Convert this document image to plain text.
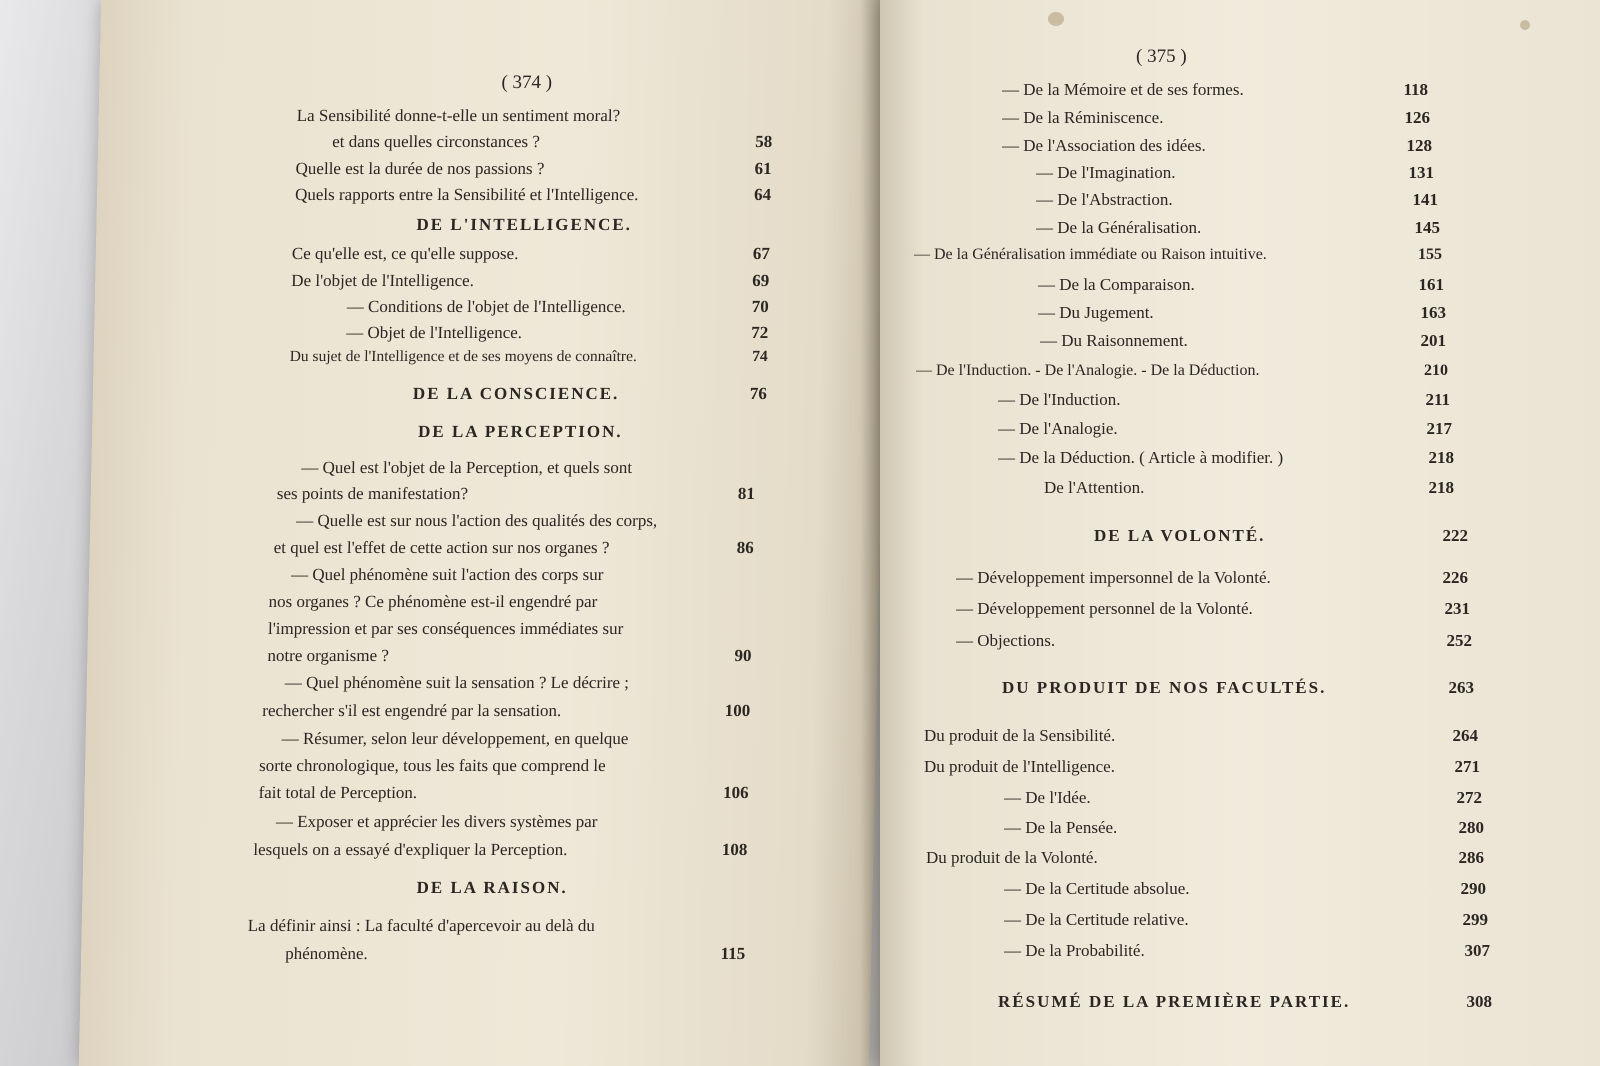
( 374 )
La Sensibilité donne-t-elle un sentiment moral?
et dans quelles circonstances ?	58
Quelle est la durée de nos passions ?	61
Quels rapports entre la Sensibilité et l'Intelligence.	64
DE L'INTELLIGENCE.
Ce qu'elle est, ce qu'elle suppose.	67
De l'objet de l'Intelligence.	69
— Conditions de l'objet de l'Intelligence.	70
— Objet de l'Intelligence.	72
Du sujet de l'Intelligence et de ses moyens de connaître.	74
DE LA CONSCIENCE.	76
DE LA PERCEPTION.
— Quel est l'objet de la Perception, et quels sont
ses points de manifestation?	81
— Quelle est sur nous l'action des qualités des corps,
et quel est l'effet de cette action sur nos organes ?	86
— Quel phénomène suit l'action des corps sur
nos organes ? Ce phénomène est-il engendré par
l'impression et par ses conséquences immédiates sur
notre organisme ?	90
— Quel phénomène suit la sensation ? Le décrire ;
rechercher s'il est engendré par la sensation.	100
— Résumer, selon leur développement, en quelque
sorte chronologique, tous les faits que comprend le
fait total de Perception.	106
— Exposer et apprécier les divers systèmes par
lesquels on a essayé d'expliquer la Perception.	108
DE LA RAISON.
La définir ainsi : La faculté d'apercevoir au delà du
phénomène.	115
( 375 )
— De la Mémoire et de ses formes.	118
— De la Réminiscence.	126
— De l'Association des idées.	128
— De l'Imagination.	131
— De l'Abstraction.	141
— De la Généralisation.	145
— De la Généralisation immédiate ou Raison intuitive.	155
— De la Comparaison.	161
— Du Jugement.	163
— Du Raisonnement.	201
— De l'Induction. - De l'Analogie. - De la Déduction.	210
— De l'Induction.	211
— De l'Analogie.	217
— De la Déduction. ( Article à modifier. )	218
De l'Attention.	218
DE LA VOLONTÉ.	222
— Développement impersonnel de la Volonté.	226
— Développement personnel de la Volonté.	231
— Objections.	252
DU PRODUIT DE NOS FACULTÉS.	263
Du produit de la Sensibilité.	264
Du produit de l'Intelligence.	271
— De l'Idée.	272
— De la Pensée.	280
Du produit de la Volonté.	286
— De la Certitude absolue.	290
— De la Certitude relative.	299
— De la Probabilité.	307
RÉSUMÉ DE LA PREMIÈRE PARTIE.	308
